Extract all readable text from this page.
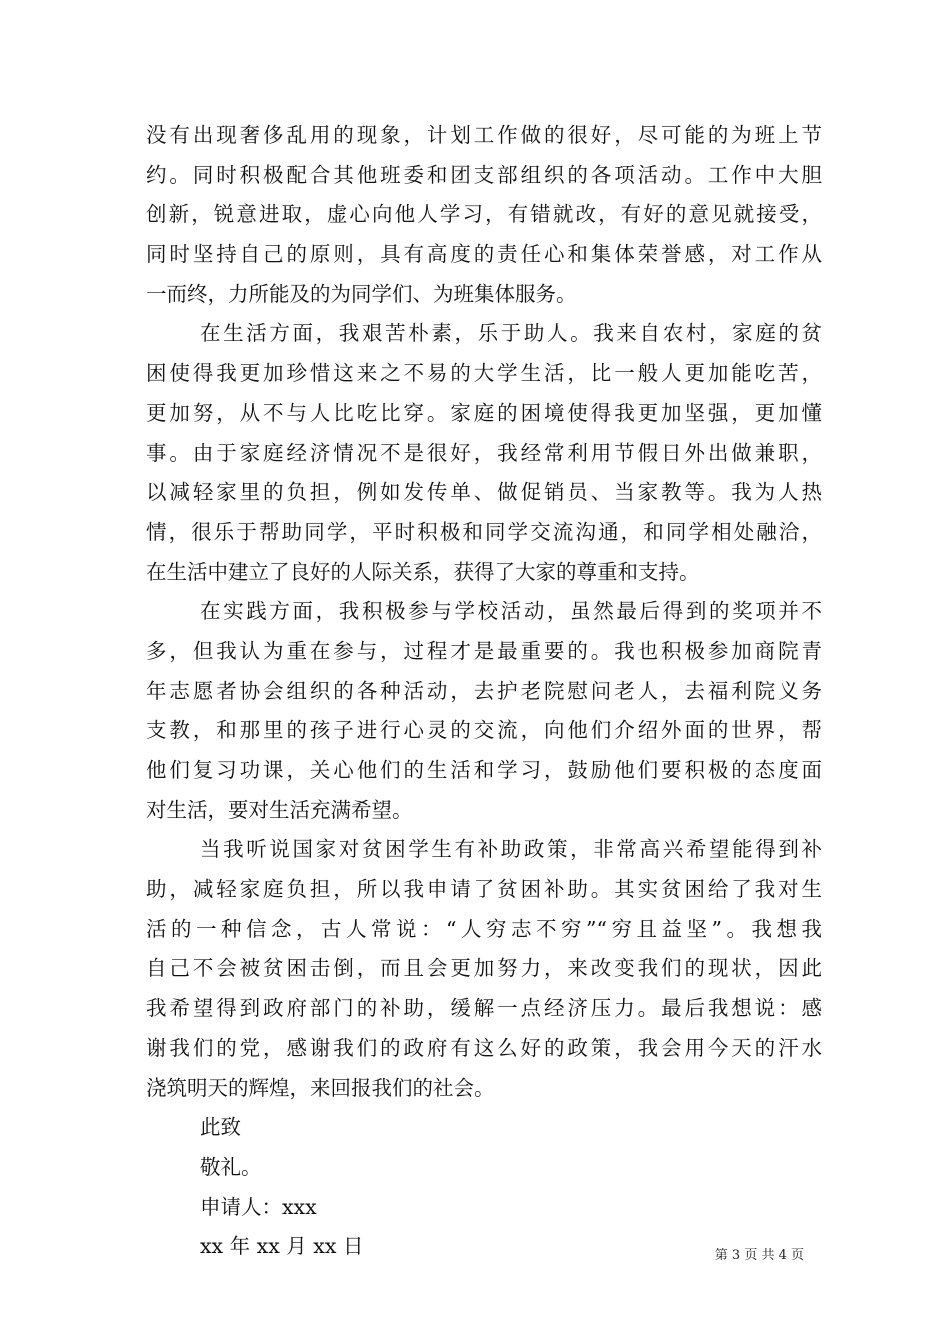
没有出现奢侈乱用的现象，计划工作做的很好，尽可能的为班上节
约。同时积极配合其他班委和团支部组织的各项活动。工作中大胆
创新，锐意进取，虚心向他人学习，有错就改，有好的意见就接受，
同时坚持自己的原则，具有高度的责任心和集体荣誉感，对工作从
一而终，力所能及的为同学们、为班集体服务。
在生活方面，我艰苦朴素，乐于助人。我来自农村，家庭的贫
困使得我更加珍惜这来之不易的大学生活，比一般人更加能吃苦，
更加努，从不与人比吃比穿。家庭的困境使得我更加坚强，更加懂
事。由于家庭经济情况不是很好，我经常利用节假日外出做兼职，
以减轻家里的负担，例如发传单、做促销员、当家教等。我为人热
情，很乐于帮助同学，平时积极和同学交流沟通，和同学相处融洽，
在生活中建立了良好的人际关系，获得了大家的尊重和支持。
在实践方面，我积极参与学校活动，虽然最后得到的奖项并不
多，但我认为重在参与，过程才是最重要的。我也积极参加商院青
年志愿者协会组织的各种活动，去护老院慰问老人，去福利院义务
支教，和那里的孩子进行心灵的交流，向他们介绍外面的世界，帮
他们复习功课，关心他们的生活和学习，鼓励他们要积极的态度面
对生活，要对生活充满希望。
当我听说国家对贫困学生有补助政策，非常高兴希望能得到补
助，减轻家庭负担，所以我申请了贫困补助。其实贫困给了我对生
活的一种信念，古人常说：“人穷志不穷”“穷且益坚”。我想我
自己不会被贫困击倒，而且会更加努力，来改变我们的现状，因此
我希望得到政府部门的补助，缓解一点经济压力。最后我想说：感
谢我们的党，感谢我们的政府有这么好的政策，我会用今天的汗水
浇筑明天的辉煌，来回报我们的社会。
此致
敬礼。
申请人：xxx
xx 年 xx 月 xx 日	第 3 页 共 4 页
